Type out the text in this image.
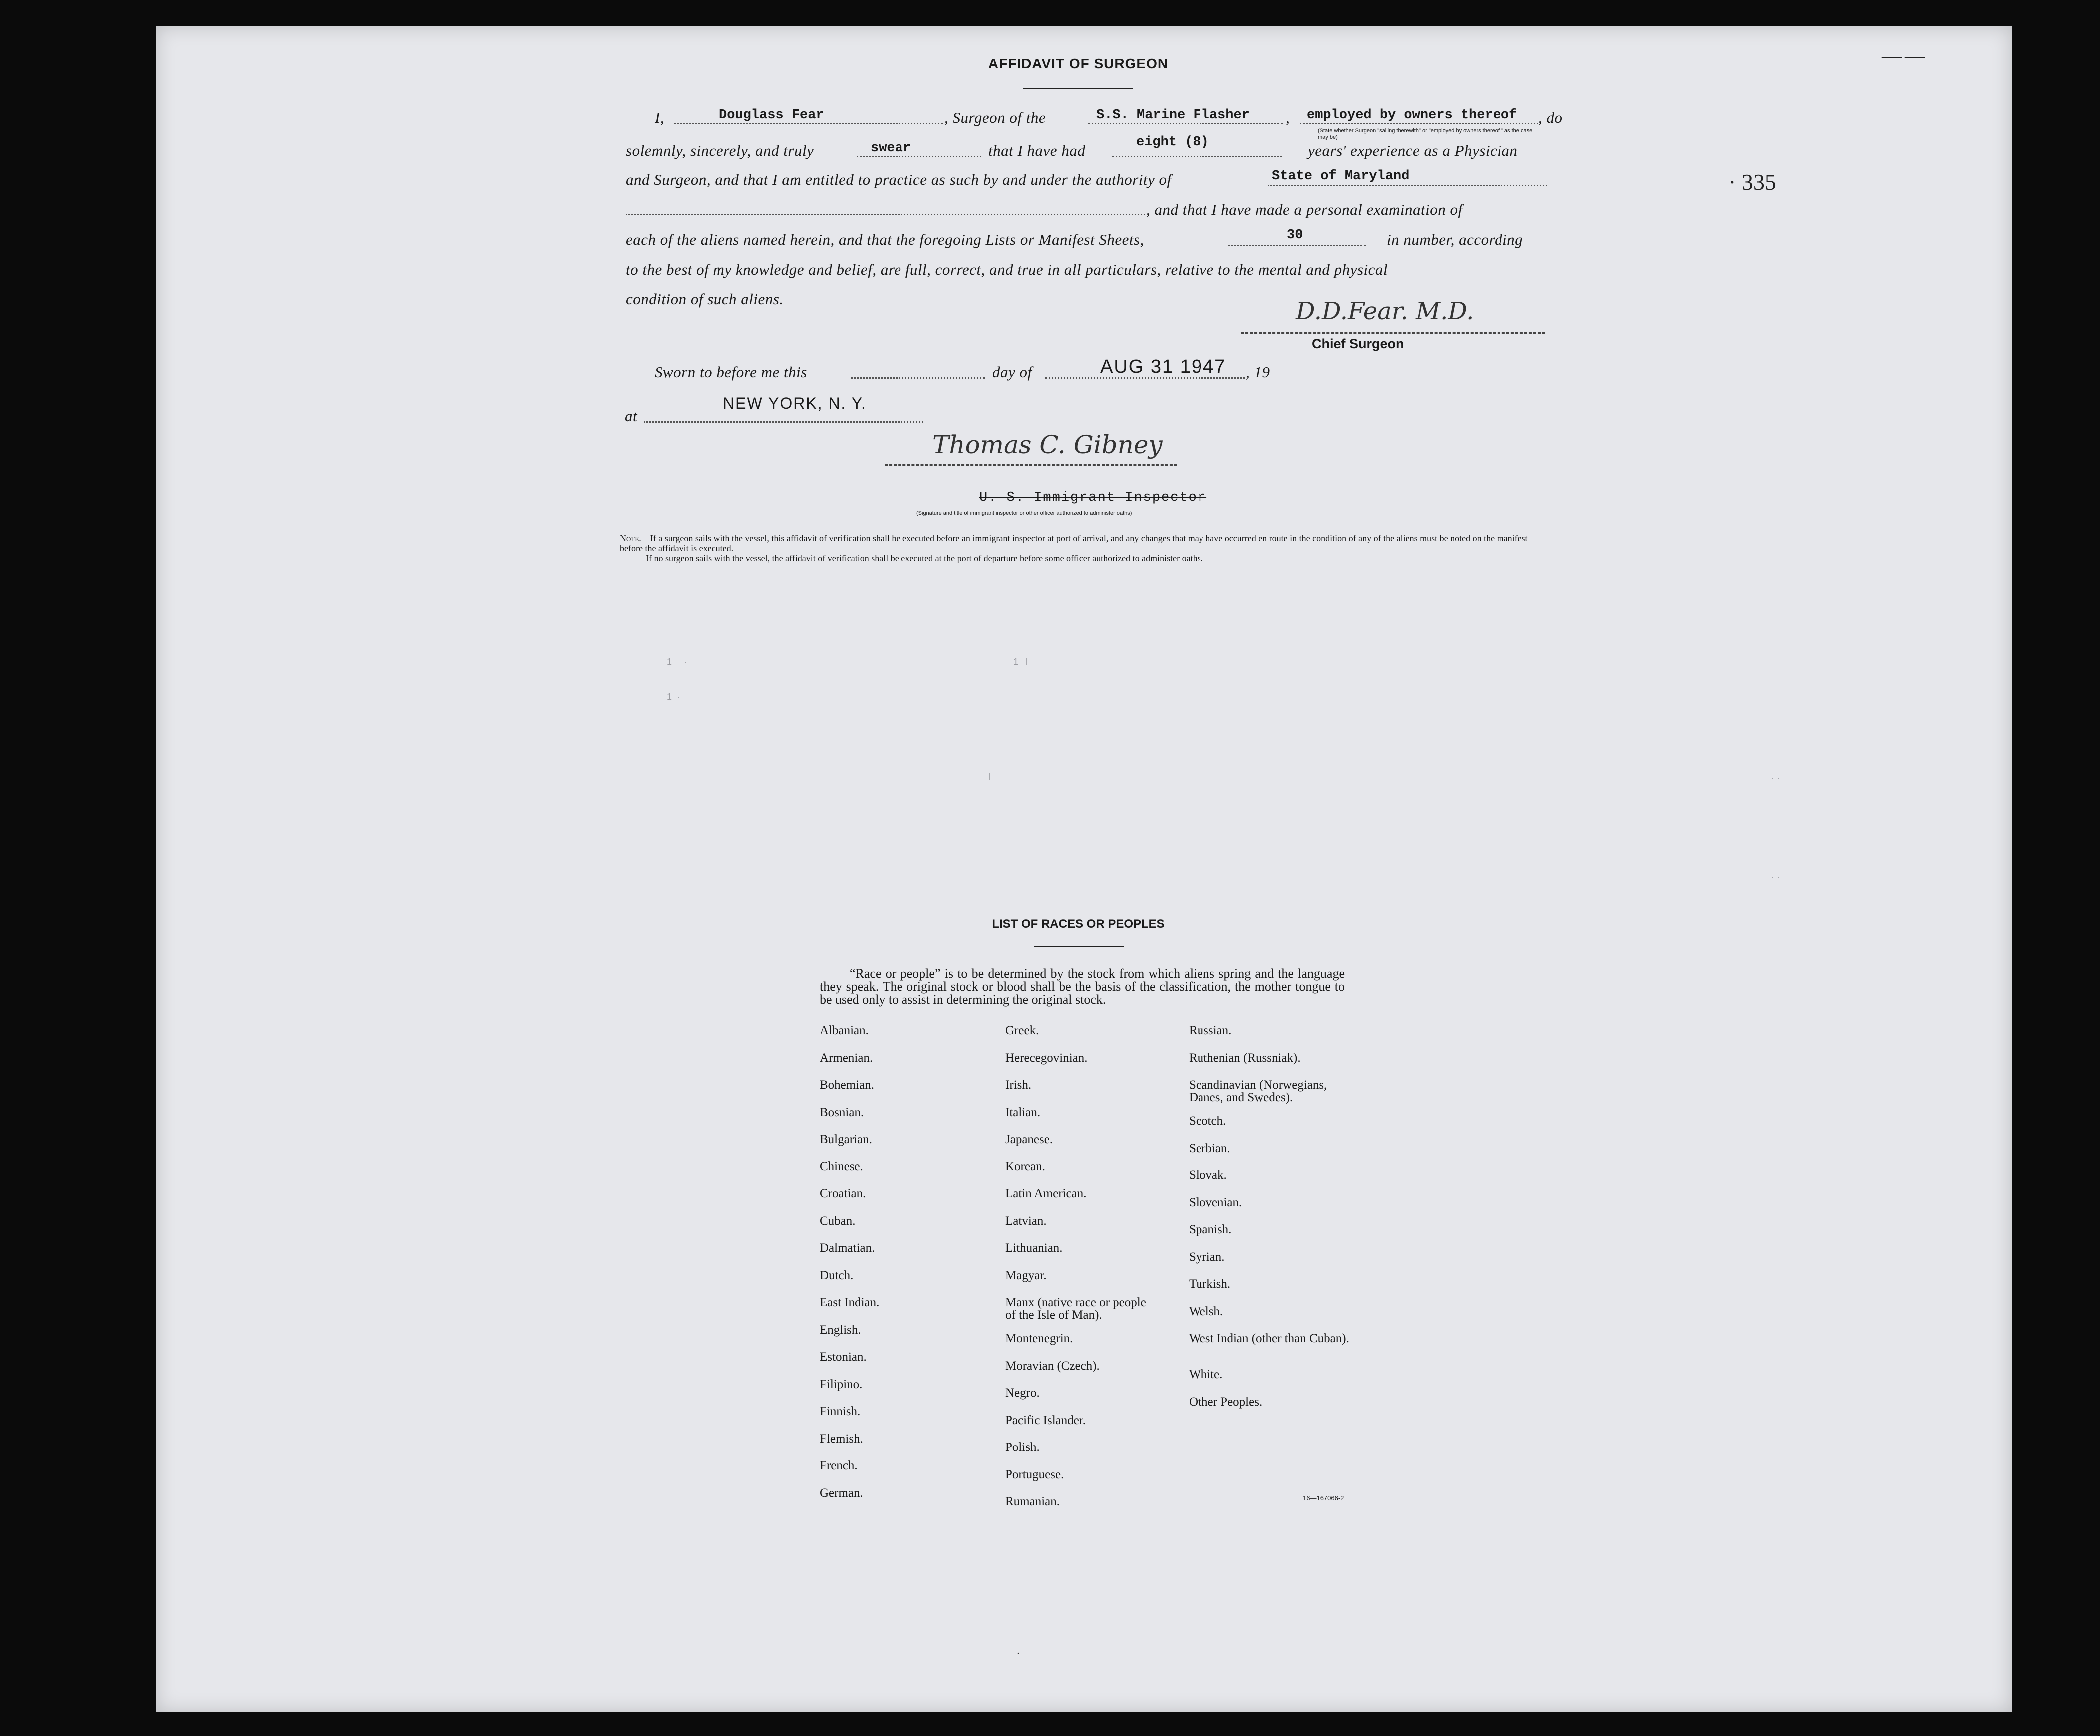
——
· 335
AFFIDAVIT OF SURGEON
I,	Douglass Fear	, Surgeon of the	S.S. Marine Flasher , employed by owners thereof , do
(State whether Surgeon "sailing therewith" or "employed by owners thereof," as the case may be)
solemnly, sincerely, and truly	swear	that I have had	eight (8)	years' experience as a Physician
and Surgeon, and that I am entitled to practice as such by and under the authority of	State of Maryland
, and that I have made a personal examination of
each of the aliens named herein, and that the foregoing Lists or Manifest Sheets,	30	in number, according
to the best of my knowledge and belief, are full, correct, and true in all particulars, relative to the mental and physical
condition of such aliens.	D.D.Fear. M.D.
Chief Surgeon
Sworn to before me this	day of	AUG 31 1947 , 19
at
NEW YORK, N. Y.
Thomas C. Gibney
U. S. Immigrant Inspector
(Signature and title of immigrant inspector or other officer authorized to administer oaths)

Note.—If a surgeon sails with the vessel, this affidavit of verification shall be executed before an immigrant inspector at port of arrival, and any changes that may have occurred en route in the condition of any of the aliens must be noted on the manifest before the affidavit is executed.

If no surgeon sails with the vessel, the affidavit of verification shall be executed at the port of departure before some officer authorized to administer oaths.

1     ·
1  ·
1   l
l	· ·
· ·
LIST OF RACES OR PEOPLES
“Race or people” is to be determined by the stock from which aliens spring and the language they speak. The original stock or blood shall be the basis of the classification, the mother tongue to be used only to assist in determining the original stock.
Albanian.
Armenian.
Bohemian.
Bosnian.
Bulgarian.
Chinese.
Croatian.
Cuban.
Dalmatian.
Dutch.
East Indian.
English.
Estonian.
Filipino.
Finnish.
Flemish.
French.
German.
Greek.
Herecegovinian.
Irish.
Italian.
Japanese.
Korean.
Latin American.
Latvian.
Lithuanian.
Magyar.
Manx (native race or people of the Isle of Man).
Montenegrin.
Moravian (Czech).
Negro.
Pacific Islander.
Polish.
Portuguese.
Rumanian.
Russian.
Ruthenian (Russniak).
Scandinavian (Norwegians, Danes, and Swedes).
Scotch.
Serbian.
Slovak.
Slovenian.
Spanish.
Syrian.
Turkish.
Welsh.
West Indian (other than Cuban).
White.
Other Peoples.
16—167066-2
·
